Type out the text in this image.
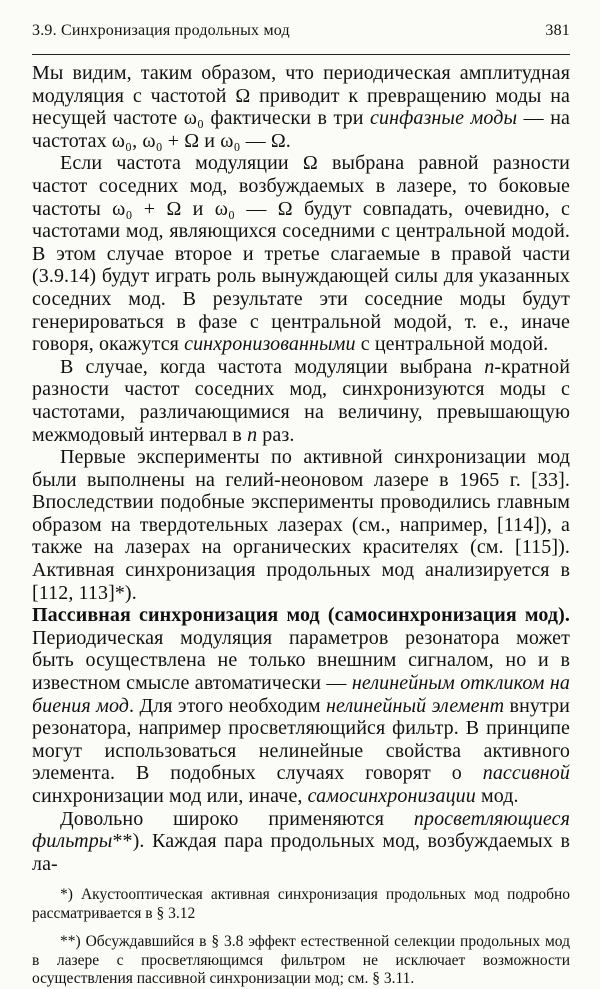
3.9. Синхронизация продольных мод	381

Мы видим, таким образом, что периодическая амплитудная модуляция с частотой Ω приводит к превращению моды на несущей частоте ω₀ фактически в три синфазные моды — на частотах ω₀, ω₀ + Ω и ω₀ — Ω.

Если частота модуляции Ω выбрана равной разности частот соседних мод, возбуждаемых в лазере, то боковые частоты ω₀ + Ω и ω₀ — Ω будут совпадать, очевидно, с частотами мод, являющихся соседними с центральной модой. В этом случае второе и третье слагаемые в правой части (3.9.14) будут играть роль вынуждающей силы для указанных соседних мод. В результате эти соседние моды будут генерироваться в фазе с центральной модой, т. е., иначе говоря, окажутся синхронизованными с центральной модой.

В случае, когда частота модуляции выбрана n-кратной разности частот соседних мод, синхронизуются моды с частотами, различающимися на величину, превышающую межмодовый интервал в n раз.

Первые эксперименты по активной синхронизации мод были выполнены на гелий-неоновом лазере в 1965 г. [33]. Впоследствии подобные эксперименты проводились главным образом на твердотельных лазерах (см., например, [114]), а также на лазерах на органических красителях (см. [115]). Активная синхронизация продольных мод анализируется в [112, 113]*).

Пассивная синхронизация мод (самосинхронизация мод). Периодическая модуляция параметров резонатора может быть осуществлена не только внешним сигналом, но и в известном смысле автоматически — нелинейным откликом на биения мод. Для этого необходим нелинейный элемент внутри резонатора, например просветляющийся фильтр. В принципе могут использоваться нелинейные свойства активного элемента. В подобных случаях говорят о пассивной синхронизации мод или, иначе, самосинхронизации мод.

Довольно широко применяются просветляющиеся фильтры**). Каждая пара продольных мод, возбуждаемых в ла-

*) Акустооптическая активная синхронизация продольных мод подробно рассматривается в § 3.12

**) Обсуждавшийся в § 3.8 эффект естественной селекции продольных мод в лазере с просветляющимся фильтром не исключает возможности осуществления пассивной синхронизации мод; см. § 3.11.
